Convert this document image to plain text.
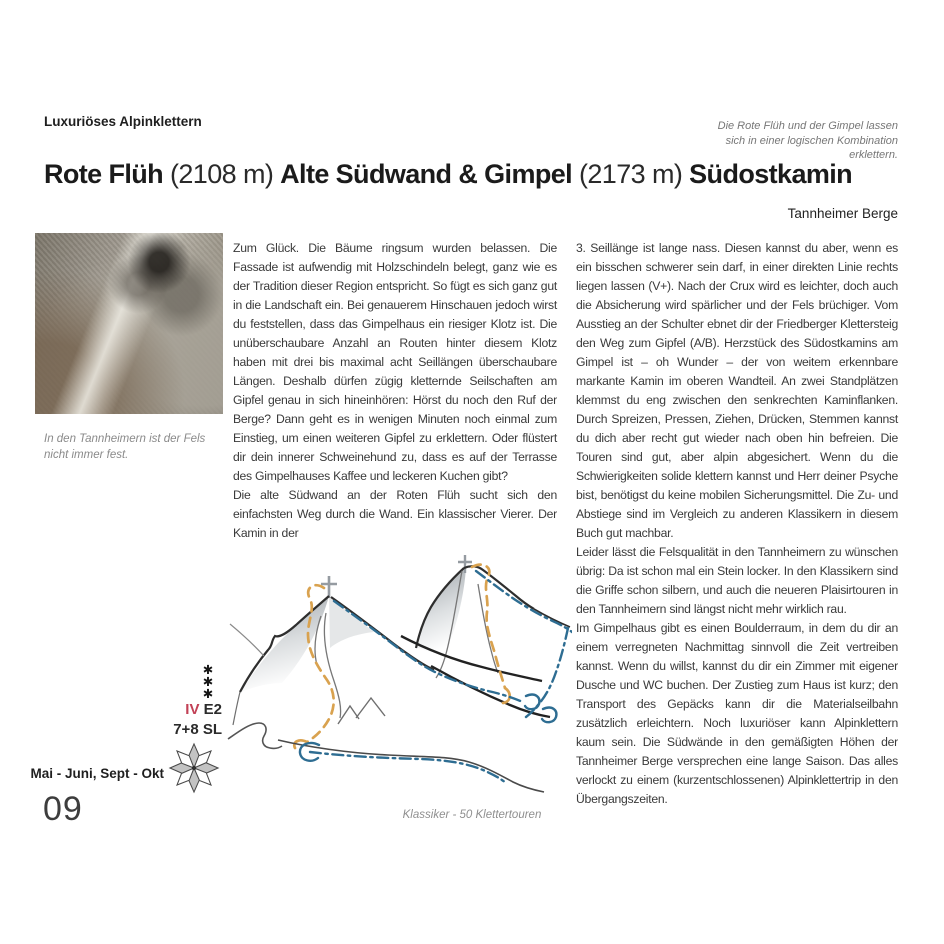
Luxuriöses Alpinklettern	Die Rote Flüh und der Gimpel lassen
sich in einer logischen Kombination
erklettern.
Rote Flüh (2108 m) Alte Südwand & Gimpel (2173 m) Südostkamin
Tannheimer Berge
In den Tannheimern ist der Fels
nicht immer fest.

Zum Glück. Die Bäume ringsum wurden belassen. Die Fassade ist aufwendig mit Holzschindeln belegt, ganz wie es der Tradition dieser Region entspricht. So fügt es sich ganz gut in die Landschaft ein. Bei genauerem Hinschauen jedoch wirst du feststellen, dass das Gimpelhaus ein riesiger Klotz ist. Die unüberschaubare Anzahl an Routen hinter diesem Klotz haben mit drei bis maximal acht Seillängen überschaubare Längen. Deshalb dürfen zügig kletternde Seilschaften am Gipfel genau in sich hineinhören: Hörst du noch den Ruf der Berge? Dann geht es in wenigen Minuten noch einmal zum Einstieg, um einen weiteren Gipfel zu erklettern. Oder flüstert dir dein innerer Schweinehund zu, dass es auf der Terrasse des Gimpelhauses Kaffee und leckeren Kuchen gibt?

Die alte Südwand an der Roten Flüh sucht sich den einfachsten Weg durch die Wand. Ein klassischer Vierer. Der Kamin in der

3. Seillänge ist lange nass. Diesen kannst du aber, wenn es ein bisschen schwerer sein darf, in einer direkten Linie rechts liegen lassen (V+). Nach der Crux wird es leichter, doch auch die Absicherung wird spärlicher und der Fels brüchiger. Vom Ausstieg an der Schulter ebnet dir der Friedberger Klettersteig den Weg zum Gipfel (A/B). Herzstück des Südostkamins am Gimpel ist – oh Wunder – der von weitem erkennbare markante Kamin im oberen Wandteil. An zwei Standplätzen klemmst du eng zwischen den senkrechten Kaminflanken. Durch Spreizen, Pressen, Ziehen, Drücken, Stemmen kannst du dich aber recht gut wieder nach oben hin befreien. Die Touren sind gut, aber alpin abgesichert. Wenn du die Schwierigkeiten solide klettern kannst und Herr deiner Psyche bist, benötigst du keine mobilen Sicherungsmittel. Die Zu- und Abstiege sind im Vergleich zu anderen Klassikern in diesem Buch gut machbar.

Leider lässt die Felsqualität in den Tannheimern zu wünschen übrig: Da ist schon mal ein Stein locker. In den Klassikern sind die Griffe schon silbern, und auch die neueren Plaisirtouren in den Tannheimern sind längst nicht mehr wirklich rau.

Im Gimpelhaus gibt es einen Boulderraum, in dem du dir an einem verregneten Nachmittag sinnvoll die Zeit vertreiben kannst. Wenn du willst, kannst du dir ein Zimmer mit eigener Dusche und WC buchen. Der Zustieg zum Haus ist kurz; den Transport des Gepäcks kann dir die Materialseilbahn zusätzlich erleichtern. Noch luxuriöser kann Alpinklettern kaum sein. Die Südwände in den gemäßigten Höhen der Tannheimer Berge versprechen eine lange Saison. Das alles verlockt zu einem (kurzentschlossenen) Alpinklettertrip in den Übergangszeiten.

✱
✱
✱
IV E2
7+8 SL
Mai - Juni, Sept - Okt
09	Klassiker - 50 Klettertouren
